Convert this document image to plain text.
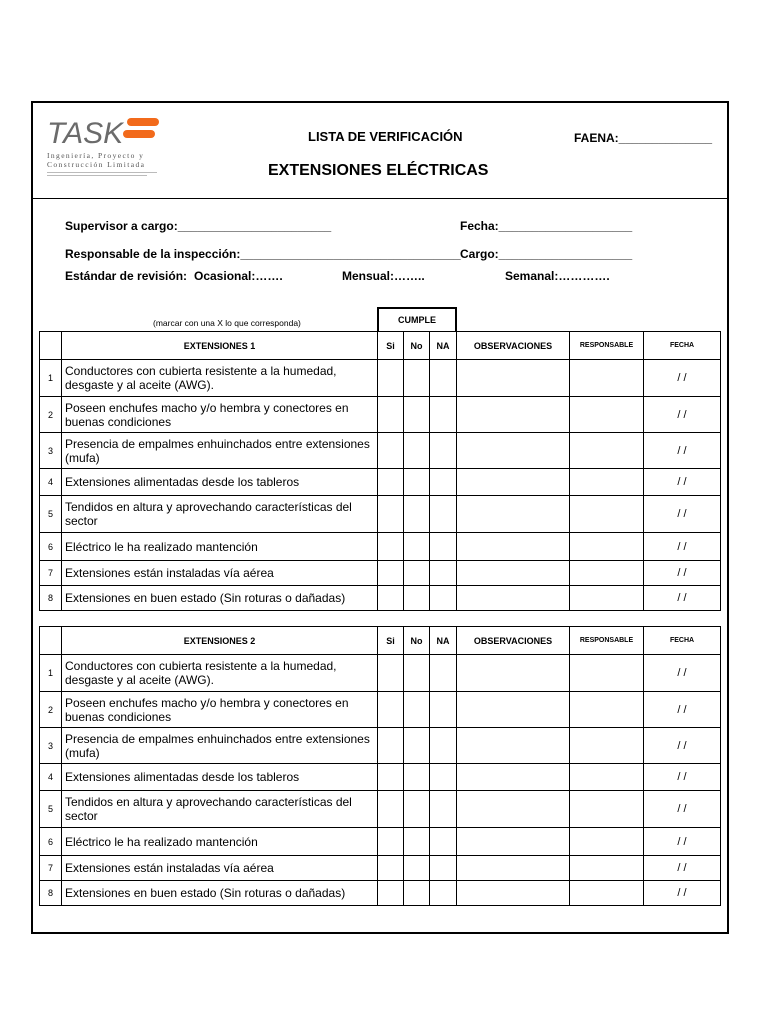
TASK
Ingeniería, Proyecto y
Construcción Limitada
LISTA DE VERIFICACIÓN
EXTENSIONES ELÉCTRICAS
FAENA:______________
Supervisor a cargo:_______________________	Fecha:____________________
Responsable de la inspección:_________________________________ Cargo:____________________
Estándar de revisión: Ocasional:…….	Mensual:……..	Semanal:………….
(marcar con una X lo que corresponda)	CUMPLE
	EXTENSIONES 1	Si	No	NA	OBSERVACIONES	RESPONSABLE	FECHA
1	Conductores con cubierta resistente a la humedad, desgaste y al aceite (AWG).						/ /
2	Poseen enchufes macho y/o hembra y conectores en buenas condiciones						/ /
3	Presencia de empalmes enhuinchados entre extensiones (mufa)						/ /
4	Extensiones alimentadas desde los tableros						/ /
5	Tendidos en altura y aprovechando características del sector						/ /
6	Eléctrico le ha realizado mantención						/ /
7	Extensiones están instaladas vía aérea						/ /
8	Extensiones en buen estado (Sin roturas o dañadas)						/ /
	EXTENSIONES 2	Si	No	NA	OBSERVACIONES	RESPONSABLE	FECHA
1	Conductores con cubierta resistente a la humedad, desgaste y al aceite (AWG).						/ /
2	Poseen enchufes macho y/o hembra y conectores en buenas condiciones						/ /
3	Presencia de empalmes enhuinchados entre extensiones (mufa)						/ /
4	Extensiones alimentadas desde los tableros						/ /
5	Tendidos en altura y aprovechando características del sector						/ /
6	Eléctrico le ha realizado mantención						/ /
7	Extensiones están instaladas vía aérea						/ /
8	Extensiones en buen estado (Sin roturas o dañadas)						/ /
